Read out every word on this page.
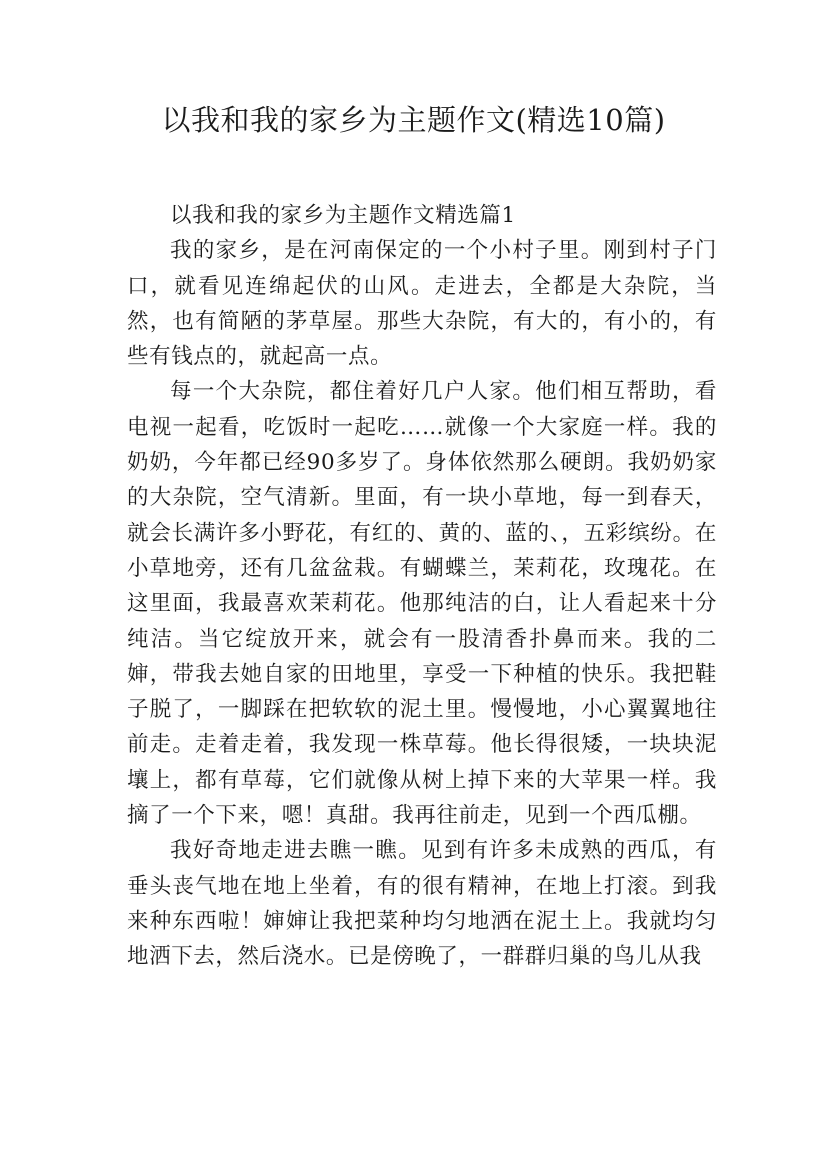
以我和我的家乡为主题作文(精选10篇)

以我和我的家乡为主题作文精选篇1

我的家乡，是在河南保定的一个小村子里。刚到村子门口，就看见连绵起伏的山风。走进去，全都是大杂院，当然，也有简陋的茅草屋。那些大杂院，有大的，有小的，有些有钱点的，就起高一点。

每一个大杂院，都住着好几户人家。他们相互帮助，看电视一起看，吃饭时一起吃……就像一个大家庭一样。我的奶奶，今年都已经90多岁了。身体依然那么硬朗。我奶奶家的大杂院，空气清新。里面，有一块小草地，每一到春天，就会长满许多小野花，有红的、黄的、蓝的、，五彩缤纷。在小草地旁，还有几盆盆栽。有蝴蝶兰，茉莉花，玫瑰花。在这里面，我最喜欢茉莉花。他那纯洁的白，让人看起来十分纯洁。当它绽放开来，就会有一股清香扑鼻而来。我的二婶，带我去她自家的田地里，享受一下种植的快乐。我把鞋子脱了，一脚踩在把软软的泥土里。慢慢地，小心翼翼地往前走。走着走着，我发现一株草莓。他长得很矮，一块块泥壤上，都有草莓，它们就像从树上掉下来的大苹果一样。我摘了一个下来，嗯！真甜。我再往前走，见到一个西瓜棚。

我好奇地走进去瞧一瞧。见到有许多未成熟的西瓜，有垂头丧气地在地上坐着，有的很有精神，在地上打滚。到我来种东西啦！婶婶让我把菜种均匀地洒在泥土上。我就均匀地洒下去，然后浇水。已是傍晚了，一群群归巢的鸟儿从我
